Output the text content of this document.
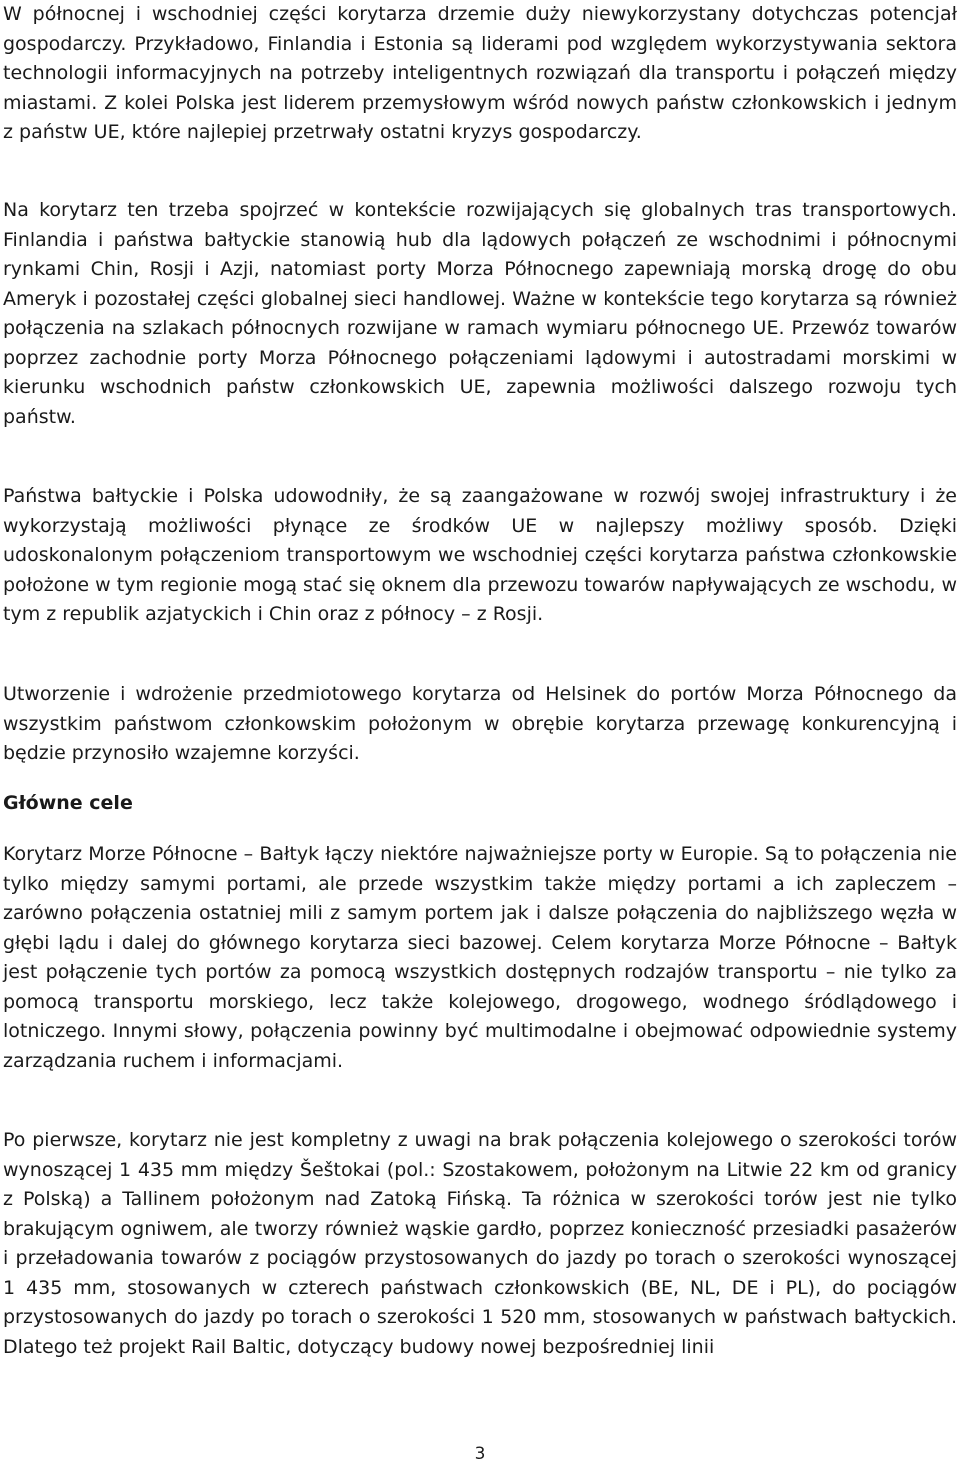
W północnej i wschodniej części korytarza drzemie duży niewykorzystany dotychczas potencjał gospodarczy. Przykładowo, Finlandia i Estonia są liderami pod względem wykorzystywania sektora technologii informacyjnych na potrzeby inteligentnych rozwiązań dla transportu i połączeń między miastami. Z kolei Polska jest liderem przemysłowym wśród nowych państw członkowskich i jednym z państw UE, które najlepiej przetrwały ostatni kryzys gospodarczy.

Na korytarz ten trzeba spojrzeć w kontekście rozwijających się globalnych tras transportowych. Finlandia i państwa bałtyckie stanowią hub dla lądowych połączeń ze wschodnimi i północnymi rynkami Chin, Rosji i Azji, natomiast porty Morza Północnego zapewniają morską drogę do obu Ameryk i pozostałej części globalnej sieci handlowej. Ważne w kontekście tego korytarza są również połączenia na szlakach północnych rozwijane w ramach wymiaru północnego UE. Przewóz towarów poprzez zachodnie porty Morza Północnego połączeniami lądowymi i autostradami morskimi w kierunku wschodnich państw członkowskich UE, zapewnia możliwości dalszego rozwoju tych państw.

Państwa bałtyckie i Polska udowodniły, że są zaangażowane w rozwój swojej infrastruktury i że wykorzystają możliwości płynące ze środków UE w najlepszy możliwy sposób. Dzięki udoskonalonym połączeniom transportowym we wschodniej części korytarza państwa członkowskie położone w tym regionie mogą stać się oknem dla przewozu towarów napływających ze wschodu, w tym z republik azjatyckich i Chin oraz z północy – z Rosji.

Utworzenie i wdrożenie przedmiotowego korytarza od Helsinek do portów Morza Północnego da wszystkim państwom członkowskim położonym w obrębie korytarza przewagę konkurencyjną i będzie przynosiło wzajemne korzyści.

Główne cele

Korytarz Morze Północne – Bałtyk łączy niektóre najważniejsze porty w Europie. Są to połączenia nie tylko między samymi portami, ale przede wszystkim także między portami a ich zapleczem – zarówno połączenia ostatniej mili z samym portem jak i dalsze połączenia do najbliższego węzła w głębi lądu i dalej do głównego korytarza sieci bazowej. Celem korytarza Morze Północne – Bałtyk jest połączenie tych portów za pomocą wszystkich dostępnych rodzajów transportu – nie tylko za pomocą transportu morskiego, lecz także kolejowego, drogowego, wodnego śródlądowego i lotniczego. Innymi słowy, połączenia powinny być multimodalne i obejmować odpowiednie systemy zarządzania ruchem i informacjami.

Po pierwsze, korytarz nie jest kompletny z uwagi na brak połączenia kolejowego o szerokości torów wynoszącej 1 435 mm między Šeštokai (pol.: Szostakowem, położonym na Litwie 22 km od granicy z Polską) a Tallinem położonym nad Zatoką Fińską. Ta różnica w szerokości torów jest nie tylko brakującym ogniwem, ale tworzy również wąskie gardło, poprzez konieczność przesiadki pasażerów i przeładowania towarów z pociągów przystosowanych do jazdy po torach o szerokości wynoszącej 1 435 mm, stosowanych w czterech państwach członkowskich (BE, NL, DE i PL), do pociągów przystosowanych do jazdy po torach o szerokości 1 520 mm, stosowanych w państwach bałtyckich. Dlatego też projekt Rail Baltic, dotyczący budowy nowej bezpośredniej linii

3
